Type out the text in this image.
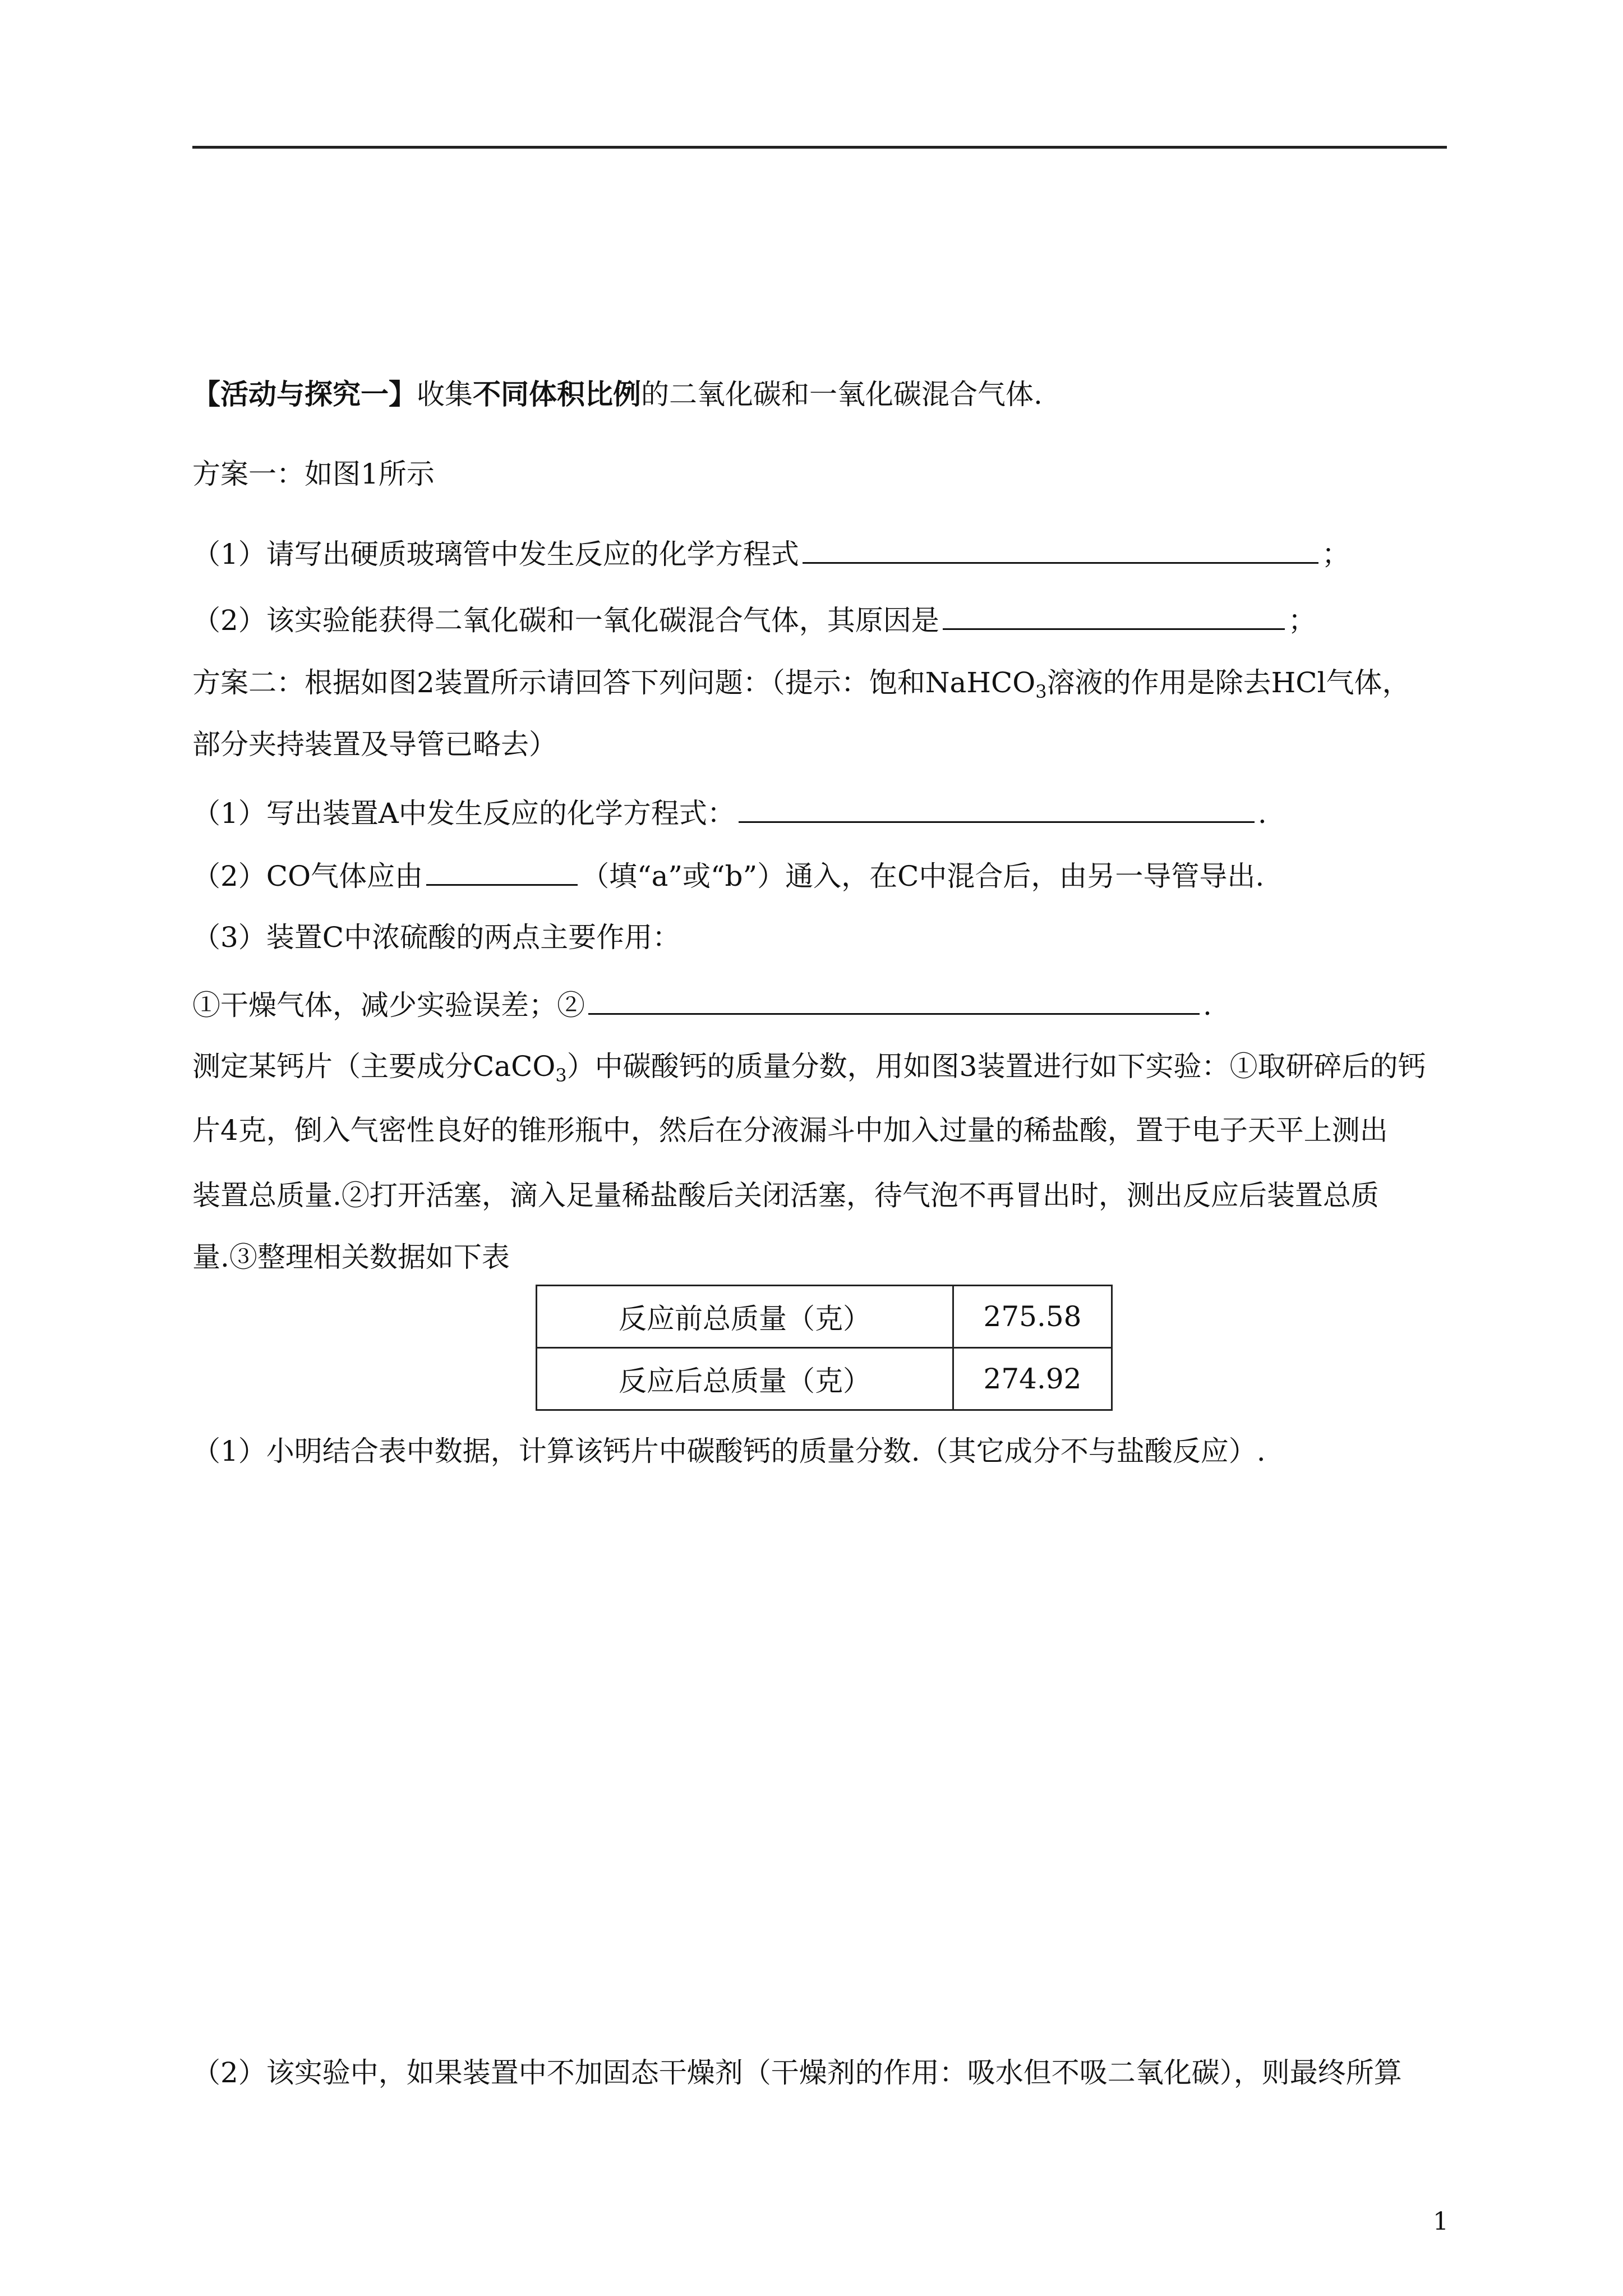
【活动与探究一】收集不同体积比例的二氧化碳和一氧化碳混合气体.
方案一：如图1所示
（1）请写出硬质玻璃管中发生反应的化学方程式	；
（2）该实验能获得二氧化碳和一氧化碳混合气体，其原因是	；
方案二：根据如图2装置所示请回答下列问题：（提示：饱和NaHCO$_3$溶液的作用是除去HCl气体，
部分夹持装置及导管已略去）
（1）写出装置A中发生反应的化学方程式：	.
（2）CO气体应由	（填“a”或“b”）通入，在C中混合后，由另一导管导出.
（3）装置C中浓硫酸的两点主要作用：
①干燥气体，减少实验误差；②	.
测定某钙片（主要成分CaCO$_3$）中碳酸钙的质量分数，用如图3装置进行如下实验：①取研碎后的钙
片4克，倒入气密性良好的锥形瓶中，然后在分液漏斗中加入过量的稀盐酸，置于电子天平上测出
装置总质量.②打开活塞，滴入足量稀盐酸后关闭活塞，待气泡不再冒出时，测出反应后装置总质
量.③整理相关数据如下表
反应前总质量（克）	275.58
反应后总质量（克）	274.92
（1）小明结合表中数据，计算该钙片中碳酸钙的质量分数.（其它成分不与盐酸反应）.
（2）该实验中，如果装置中不加固态干燥剂（干燥剂的作用：吸水但不吸二氧化碳），则最终所算
1
